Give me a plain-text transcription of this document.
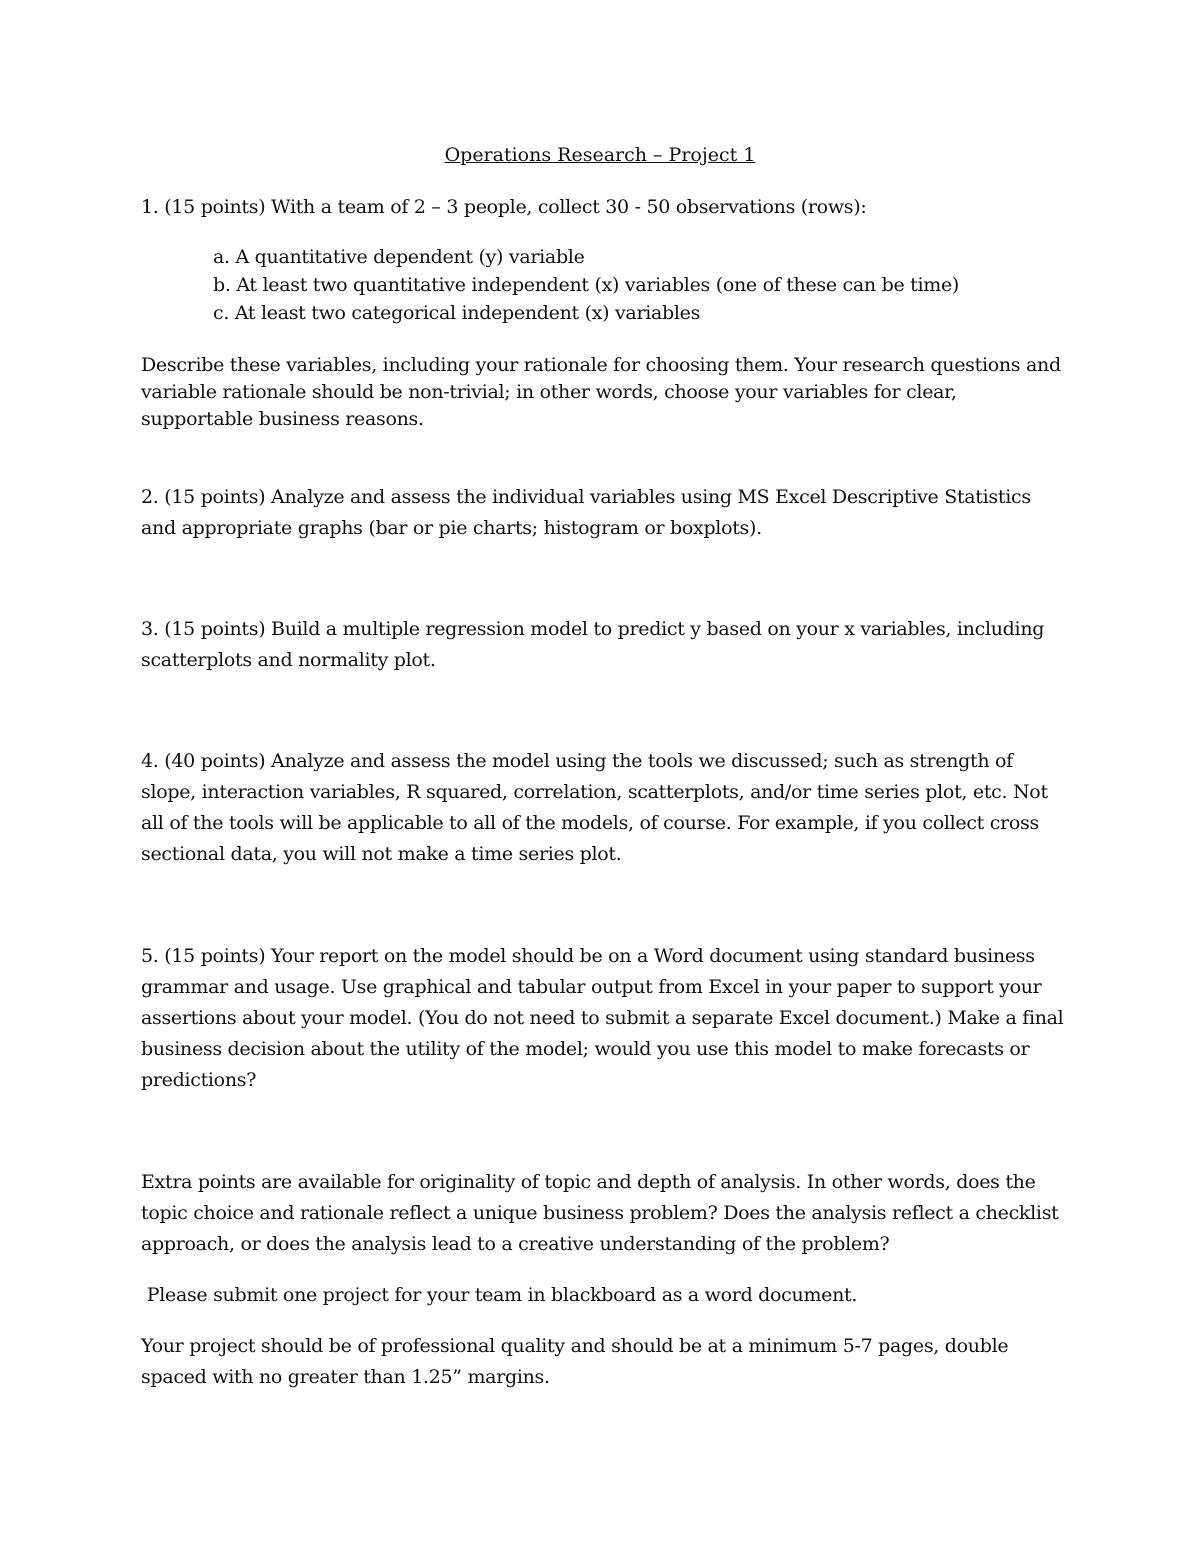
Operations Research – Project 1

1. (15 points) With a team of 2 – 3 people, collect 30 - 50 observations (rows):

a. A quantitative dependent (y) variable
b. At least two quantitative independent (x) variables (one of these can be time)
c. At least two categorical independent (x) variables

Describe these variables, including your rationale for choosing them. Your research questions and variable rationale should be non-trivial; in other words, choose your variables for clear, supportable business reasons.

2. (15 points) Analyze and assess the individual variables using MS Excel Descriptive Statistics and appropriate graphs (bar or pie charts; histogram or boxplots).

3. (15 points) Build a multiple regression model to predict y based on your x variables, including scatterplots and normality plot.

4. (40 points) Analyze and assess the model using the tools we discussed; such as strength of slope, interaction variables, R squared, correlation, scatterplots, and/or time series plot, etc. Not all of the tools will be applicable to all of the models, of course. For example, if you collect cross sectional data, you will not make a time series plot.

5. (15 points) Your report on the model should be on a Word document using standard business grammar and usage. Use graphical and tabular output from Excel in your paper to support your assertions about your model. (You do not need to submit a separate Excel document.) Make a final business decision about the utility of the model; would you use this model to make forecasts or predictions?

Extra points are available for originality of topic and depth of analysis. In other words, does the topic choice and rationale reflect a unique business problem? Does the analysis reflect a checklist approach, or does the analysis lead to a creative understanding of the problem?

Please submit one project for your team in blackboard as a word document.

Your project should be of professional quality and should be at a minimum 5-7 pages, double spaced with no greater than 1.25” margins.
